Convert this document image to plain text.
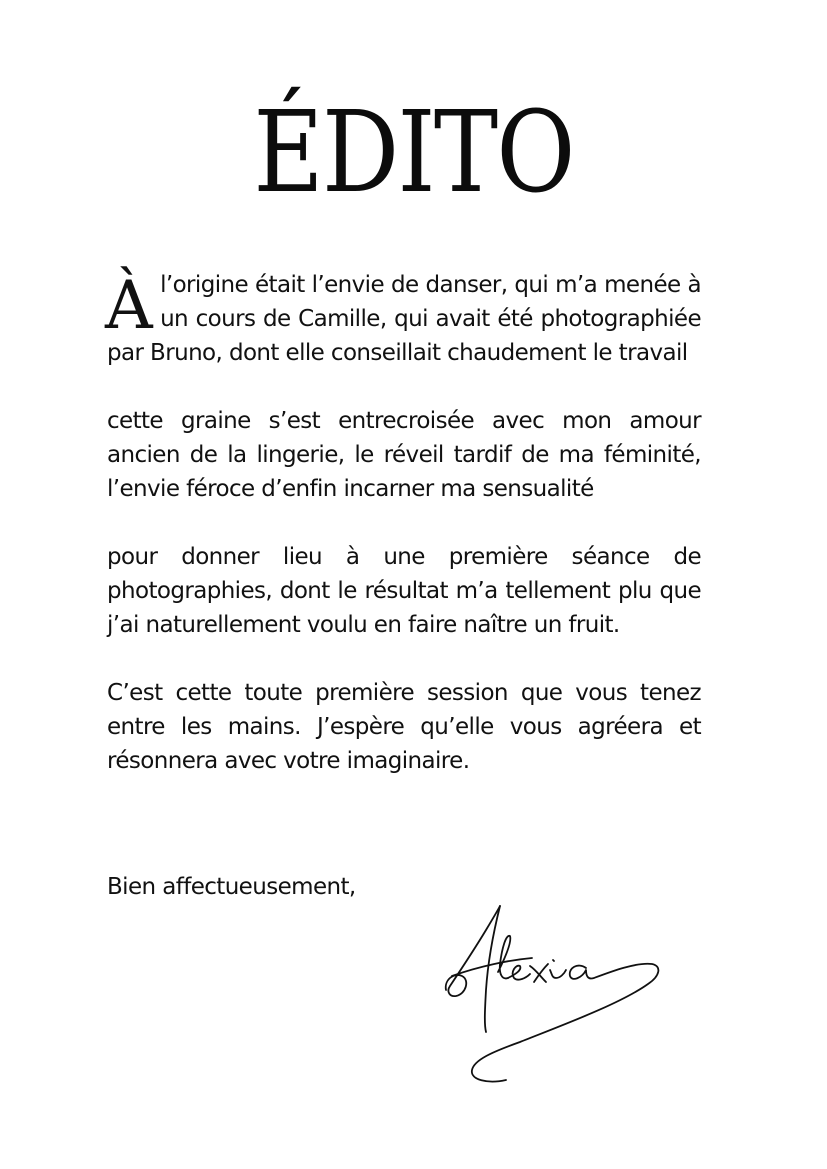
ÉDITO

Àl’origine était l’envie de danser, qui m’a menée à un cours de Camille, qui avait été photographiée par Bruno, dont elle conseillait chaudement le travail

cette graine s’est entrecroisée avec mon amour ancien de la lingerie, le réveil tardif de ma féminité, l’envie féroce d’enfin incarner ma sensualité

pour donner lieu à une première séance de photographies, dont le résultat m’a tellement plu que j’ai naturellement voulu en faire naître un fruit.

C’est cette toute première session que vous tenez entre les mains. J’espère qu’elle vous agréera et résonnera avec votre imaginaire.

Bien affectueusement,
